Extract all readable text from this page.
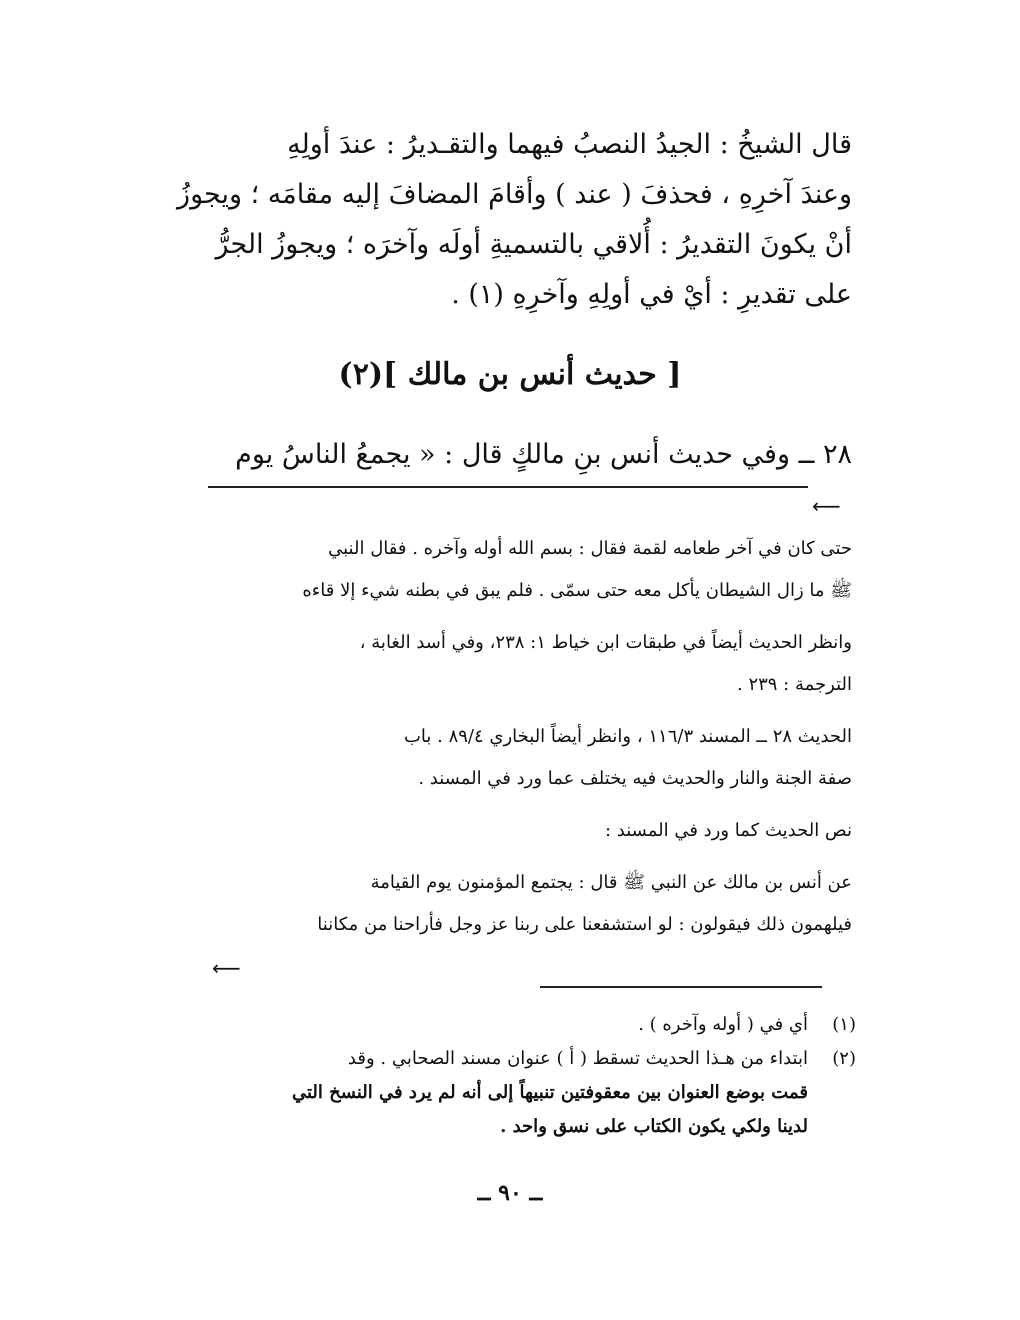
قال الشيخُ : الجيدُ النصبُ فيهما والتقـديرُ : عندَ أولِهِ
وعندَ آخرِهِ ، فحذفَ ( عند ) وأقامَ المضافَ إليه مقامَه ؛ ويجوزُ
أنْ يكونَ التقديرُ : أُلاقي بالتسميةِ أولَه وآخرَه ؛ ويجوزُ الجرُّ
على تقديرِ : أيْ في أولِهِ وآخرِهِ (١) .
[ حديث أنس بن مالك ](٢)
٢٨ ــ وفي حديث أنس بنِ مالكٍ قال : « يجمعُ الناسُ يوم
⟵
حتى كان في آخر طعامه لقمة فقال : بسم الله أوله وآخره . فقال النبي
ﷺ ما زال الشيطان يأكل معه حتى سمّى . فلم يبق في بطنه شيء إلا قاءه
وانظر الحديث أيضاً في طبقات ابن خياط ١: ٢٣٨، وفي أسد الغابة ،
الترجمة : ٢٣٩ .
الحديث ٢٨ ــ المسند ١١٦/٣ ، وانظر أيضاً البخاري ٨٩/٤ . باب
صفة الجنة والنار والحديث فيه يختلف عما ورد في المسند .
نص الحديث كما ورد في المسند :
عن أنس بن مالك عن النبي ﷺ قال : يجتمع المؤمنون يوم القيامة
فيلهمون ذلك فيقولون : لو استشفعنا على ربنا عز وجل فأراحنا من مكاننا
⟵
(١)
أي في ( أوله وآخره ) .
(٢)
ابتداء من هـذا الحديث تسقط ( أ ) عنوان مسند الصحابي . وقد
قمت بوضع العنوان بين معقوفتين تنبيهاً إلى أنه لم يرد في النسخ التي
لدينا ولكي يكون الكتاب على نسق واحد .
ــ ٩٠ ــ
